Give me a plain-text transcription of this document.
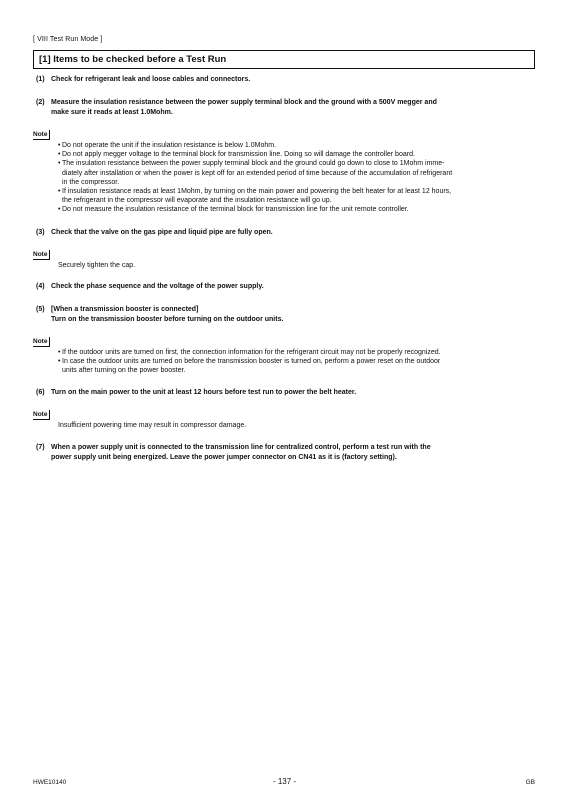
[ VIII Test Run Mode ]
[1] Items to be checked before a Test Run
(1) Check for refrigerant leak and loose cables and connectors.
(2) Measure the insulation resistance between the power supply terminal block and the ground with a 500V megger and
make sure it reads at least 1.0Mohm.
Note
• Do not operate the unit if the insulation resistance is below 1.0Mohm.
• Do not apply megger voltage to the terminal block for transmission line. Doing so will damage the controller board.
• The insulation resistance between the power supply terminal block and the ground could go down to close to 1Mohm imme-
diately after installation or when the power is kept off for an extended period of time because of the accumulation of refrigerant
in the compressor.
• If insulation resistance reads at least 1Mohm, by turning on the main power and powering the belt heater for at least 12 hours,
the refrigerant in the compressor will evaporate and the insulation resistance will go up.
• Do not measure the insulation resistance of the terminal block for transmission line for the unit remote controller.
(3) Check that the valve on the gas pipe and liquid pipe are fully open.
Note
Securely tighten the cap.
(4) Check the phase sequence and the voltage of the power supply.
(5) [When a transmission booster is connected]
Turn on the transmission booster before turning on the outdoor units.
Note
• If the outdoor units are turned on first, the connection information for the refrigerant circuit may not be properly recognized.
• In case the outdoor units are turned on before the transmission booster is turned on, perform a power reset on the outdoor
units after turning on the power booster.
(6) Turn on the main power to the unit at least 12 hours before test run to power the belt heater.
Note
Insufficient powering time may result in compressor damage.
(7) When a power supply unit is connected to the transmission line for centralized control, perform a test run with the
power supply unit being energized. Leave the power jumper connector on CN41 as it is (factory setting).
HWE10140	- 137 -	GB
